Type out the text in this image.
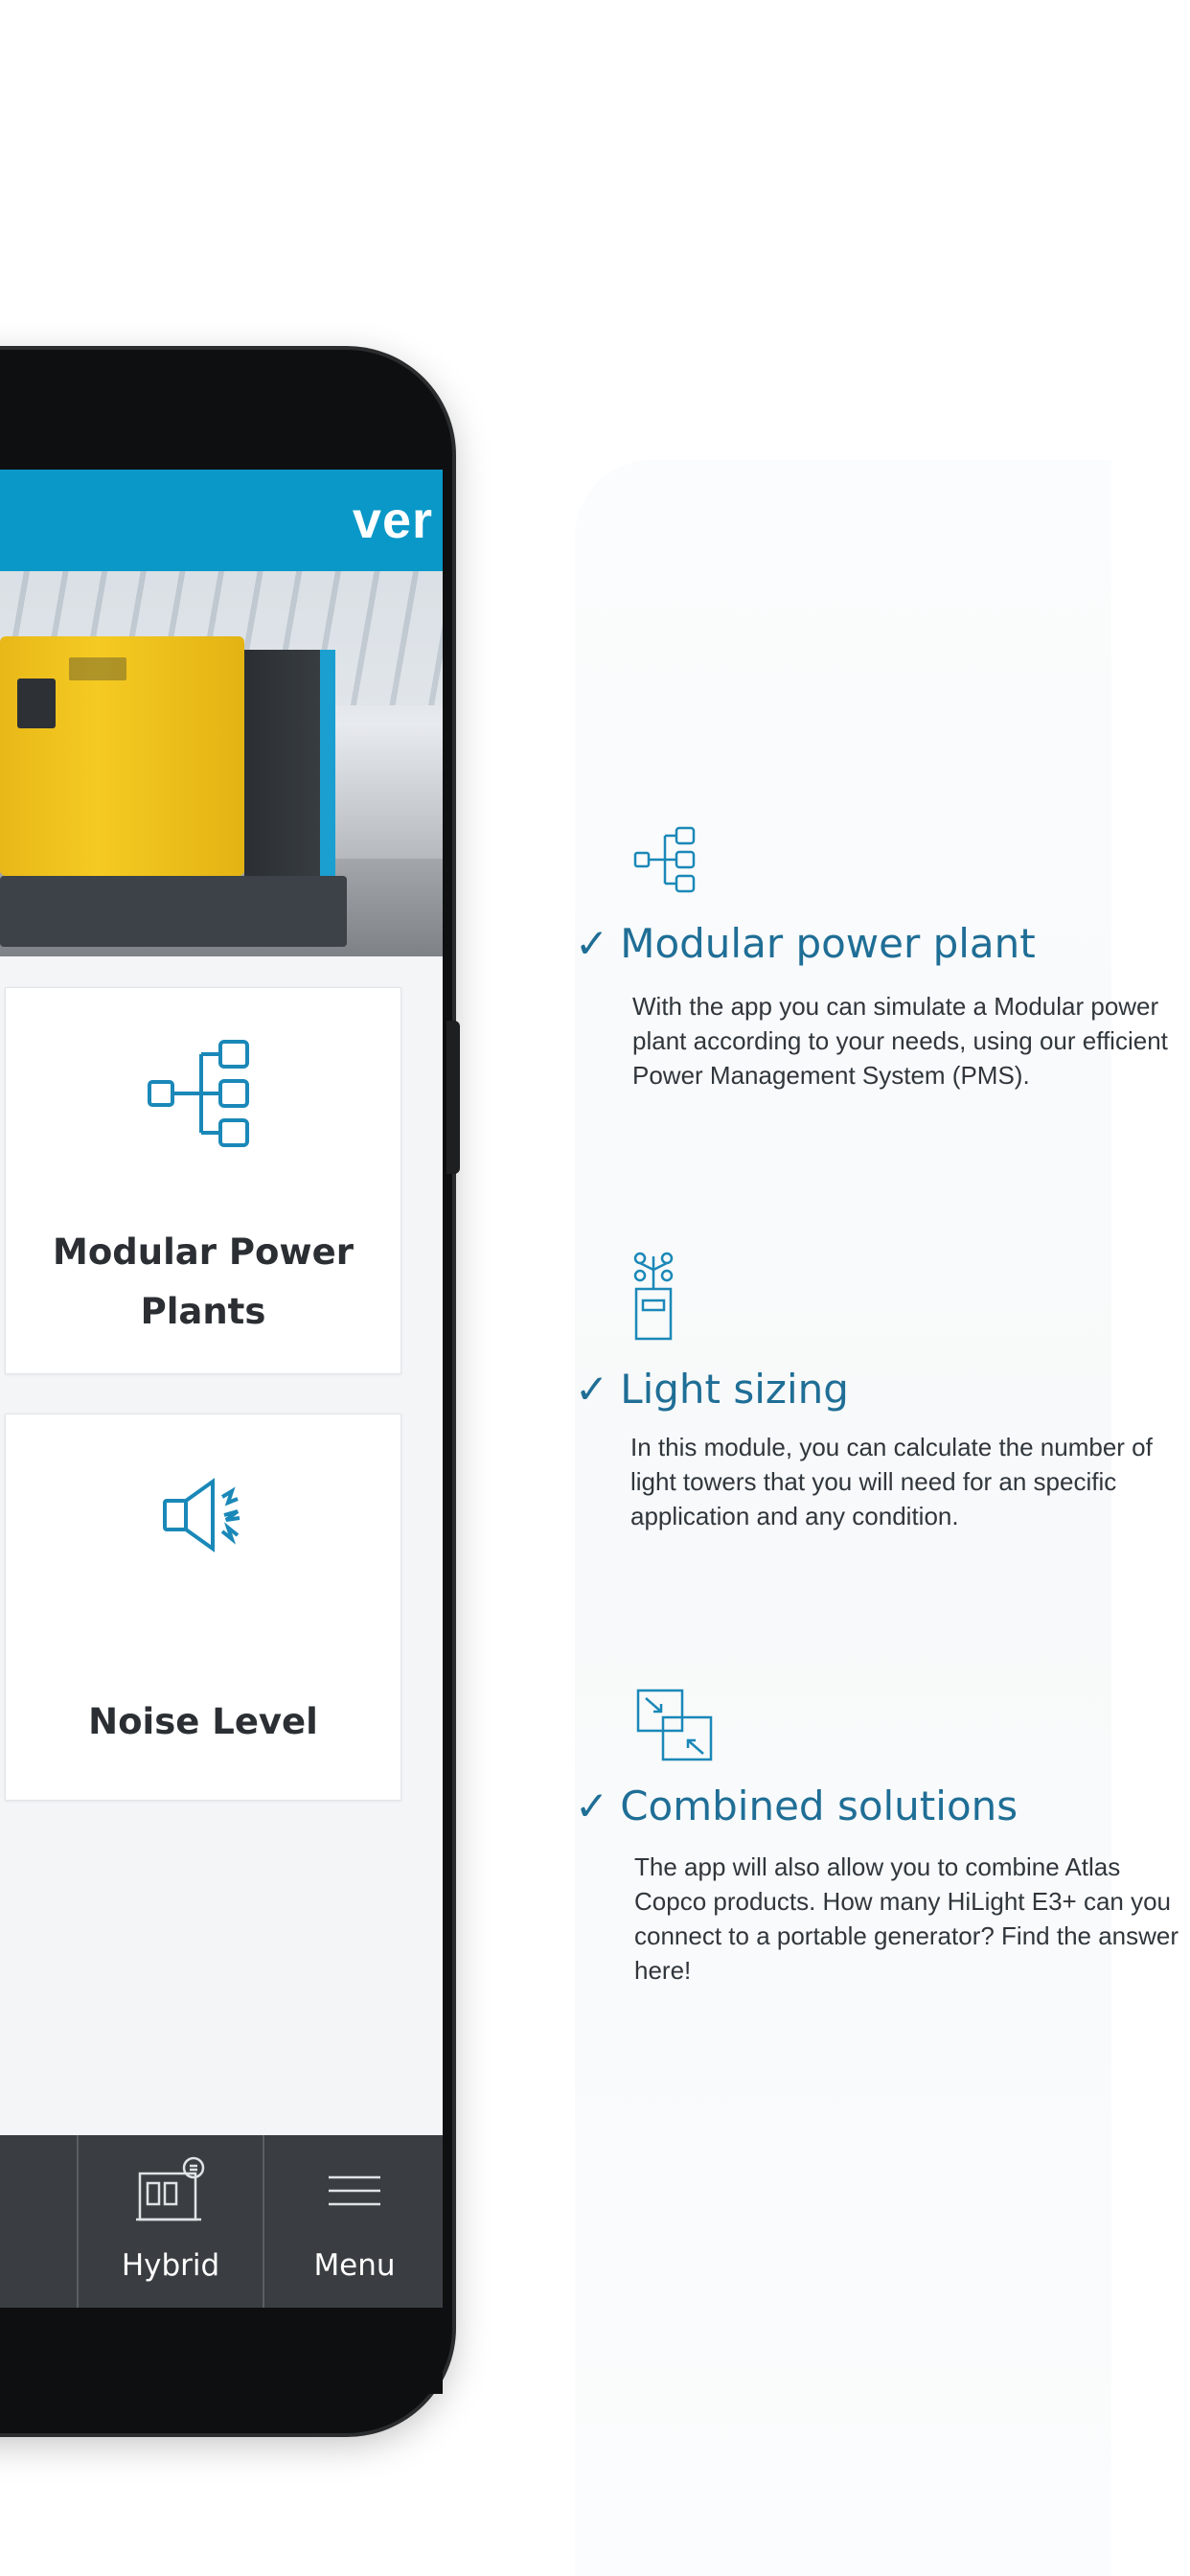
ver
Modular Power Plants
Noise Level
Hybrid	Menu
✓ Modular power plant
With the app you can simulate a Modular power plant according to your needs, using our efficient Power Management System (PMS).
✓ Light sizing
In this module, you can calculate the number of light towers that you will need for an specific application and any condition.
✓ Combined solutions
The app will also allow you to combine Atlas Copco products. How many HiLight E3+ can you connect to a portable generator? Find the answer here!
